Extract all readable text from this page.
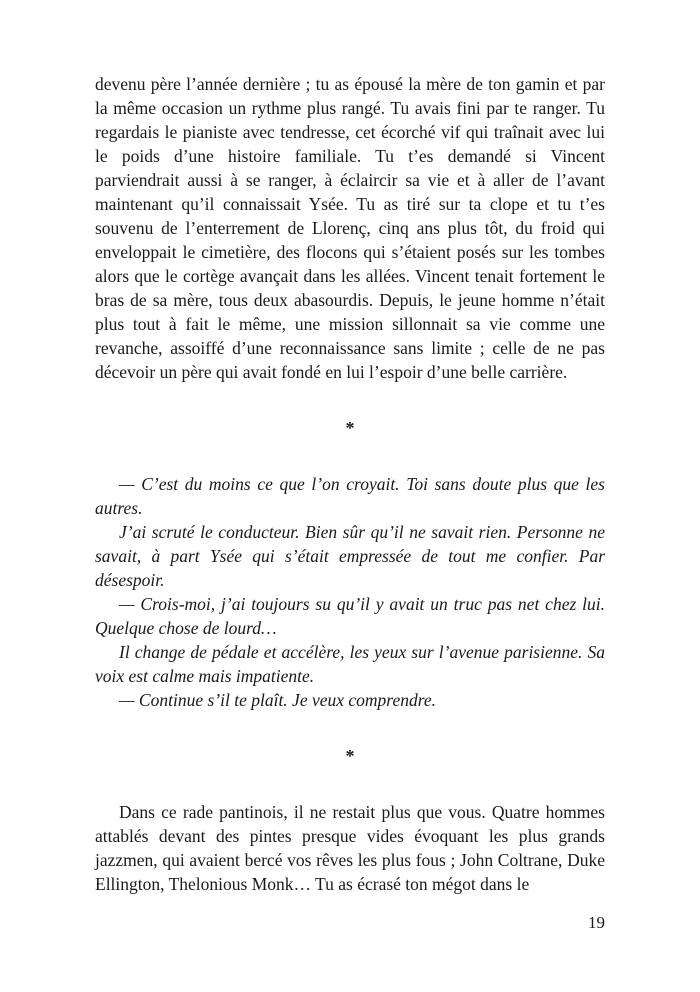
devenu père l’année dernière ; tu as épousé la mère de ton gamin et par la même occasion un rythme plus rangé. Tu avais fini par te ranger. Tu regardais le pianiste avec tendresse, cet écorché vif qui traînait avec lui le poids d’une histoire familiale. Tu t’es demandé si Vincent parviendrait aussi à se ranger, à éclaircir sa vie et à aller de l’avant maintenant qu’il connaissait Ysée. Tu as tiré sur ta clope et tu t’es souvenu de l’enterrement de Llorenç, cinq ans plus tôt, du froid qui enveloppait le cimetière, des flocons qui s’étaient posés sur les tombes alors que le cortège avançait dans les allées. Vincent tenait fortement le bras de sa mère, tous deux abasourdis. Depuis, le jeune homme n’était plus tout à fait le même, une mission sillonnait sa vie comme une revanche, assoiffé d’une reconnaissance sans limite ; celle de ne pas décevoir un père qui avait fondé en lui l’espoir d’une belle carrière.

*

— C’est du moins ce que l’on croyait. Toi sans doute plus que les autres.

J’ai scruté le conducteur. Bien sûr qu’il ne savait rien. Personne ne savait, à part Ysée qui s’était empressée de tout me confier. Par désespoir.

— Crois-moi, j’ai toujours su qu’il y avait un truc pas net chez lui. Quelque chose de lourd…

Il change de pédale et accélère, les yeux sur l’avenue parisienne. Sa voix est calme mais impatiente.

— Continue s’il te plaît. Je veux comprendre.

*

Dans ce rade pantinois, il ne restait plus que vous. Quatre hommes attablés devant des pintes presque vides évoquant les plus grands jazzmen, qui avaient bercé vos rêves les plus fous ; John Coltrane, Duke Ellington, Thelonious Monk… Tu as écrasé ton mégot dans le

19
